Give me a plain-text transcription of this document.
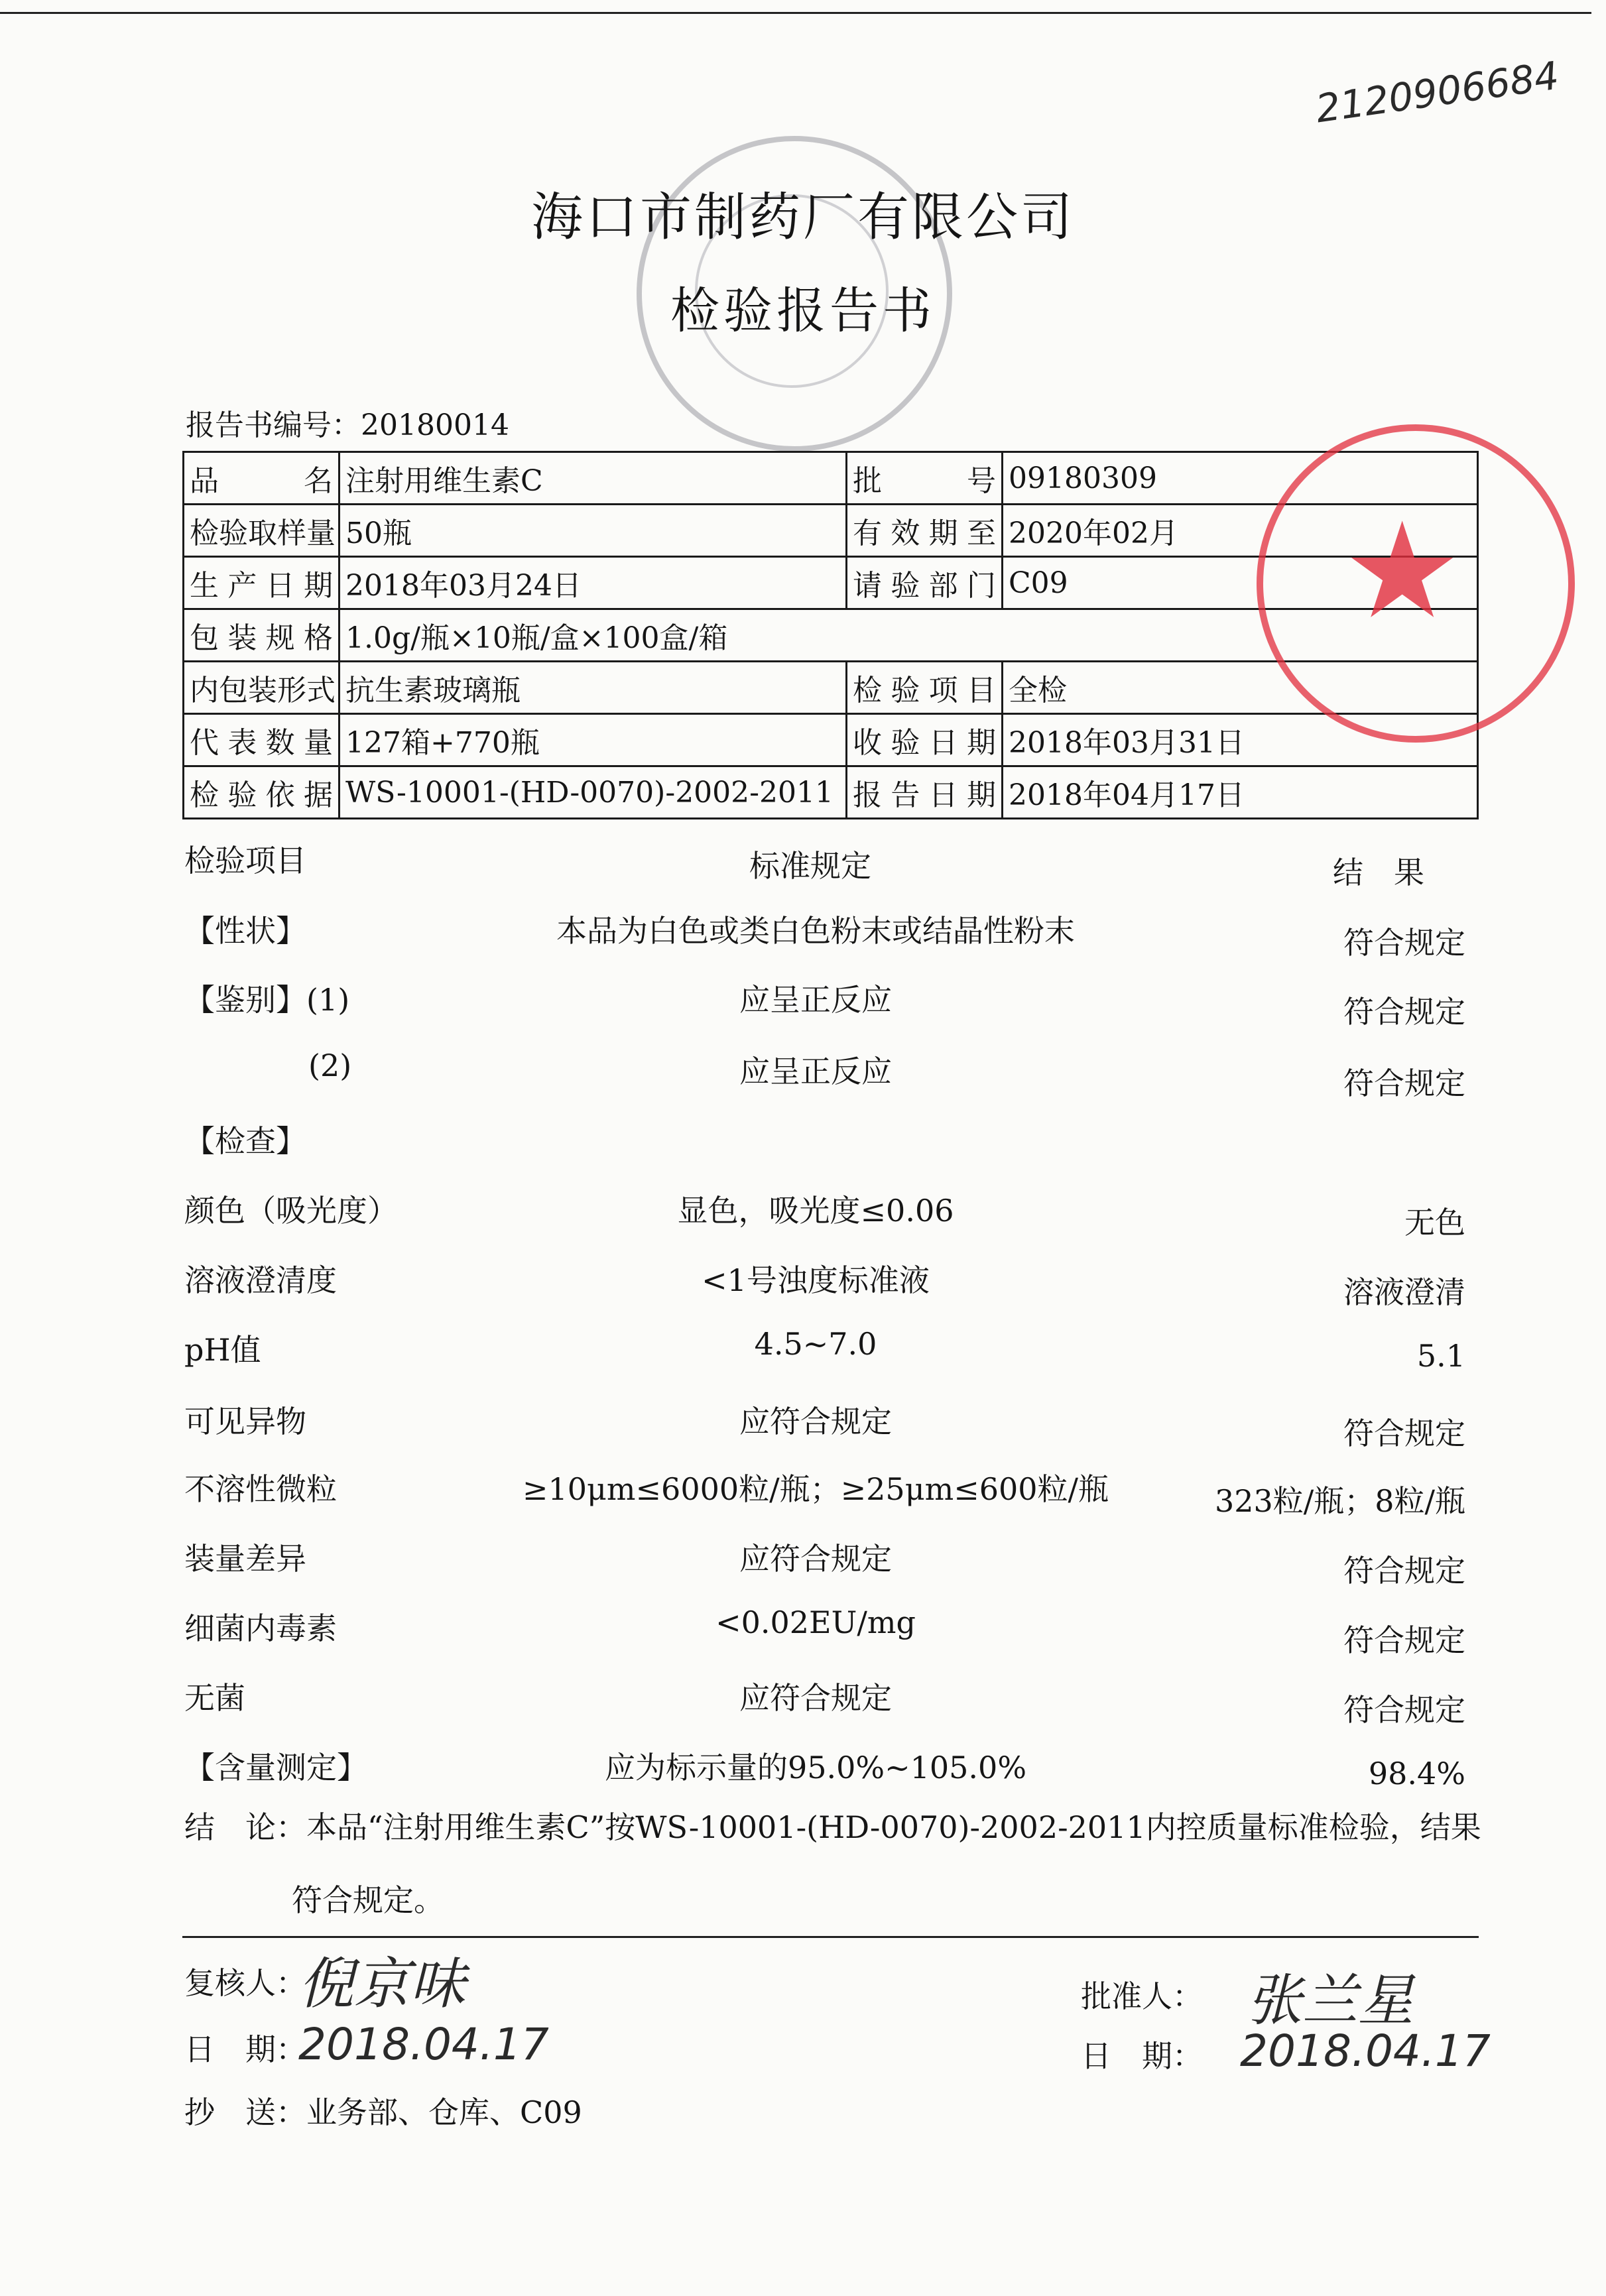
2120906684
海口市制药厂有限公司
检验报告书
报告书编号：20180014
品　　名	注射用维生素C	批　　号	09180309
检验取样量	50瓶	有效期至	2020年02月
生产日期	2018年03月24日	请验部门	C09
包装规格	1.0g/瓶×10瓶/盒×100盒/箱		
内包装形式	抗生素玻璃瓶	检验项目	全检
代表数量	127箱+770瓶	收验日期	2018年03月31日
检验依据	WS-10001-(HD-0070)-2002-2011	报告日期	2018年04月17日
★
检验项目	标准规定	结　果
【性状】	本品为白色或类白色粉末或结晶性粉末	符合规定
【鉴别】(1)	应呈正反应	符合规定
(2)	应呈正反应	符合规定
【检查】
颜色（吸光度）	显色，吸光度≤0.06	无色
溶液澄清度	<1号浊度标准液	溶液澄清
pH值	4.5~7.0	5.1
可见异物	应符合规定	符合规定
不溶性微粒	≥10μm≤6000粒/瓶；≥25μm≤600粒/瓶	323粒/瓶；8粒/瓶
装量差异	应符合规定	符合规定
细菌内毒素	<0.02EU/mg	符合规定
无菌	应符合规定	符合规定
【含量测定】	应为标示量的95.0%~105.0%	98.4%
结　论：本品“注射用维生素C”按WS-10001-(HD-0070)-2002-2011内控质量标准检验，结果
符合规定。
复核人：
倪京味	批准人： 张兰星
日　期：
2018.04.17	日　期： 2018.04.17
抄　送：业务部、仓库、C09
